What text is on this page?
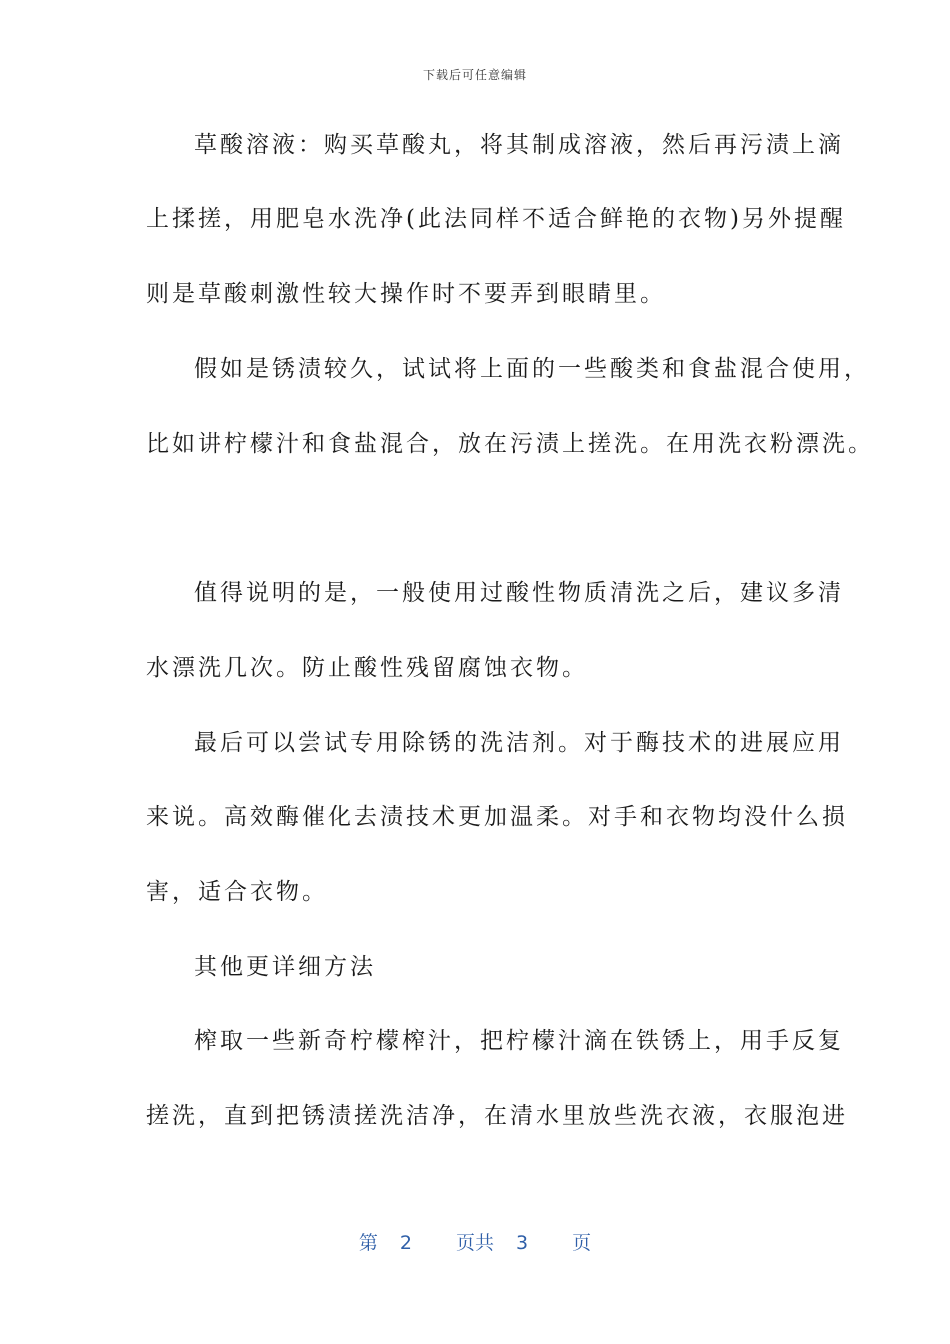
下载后可任意编辑
草酸溶液：购买草酸丸，将其制成溶液，然后再污渍上滴
上揉搓，用肥皂水洗净(此法同样不适合鲜艳的衣物)另外提醒
则是草酸刺激性较大操作时不要弄到眼睛里。
假如是锈渍较久，试试将上面的一些酸类和食盐混合使用，
比如讲柠檬汁和食盐混合，放在污渍上搓洗。在用洗衣粉漂洗。
值得说明的是，一般使用过酸性物质清洗之后，建议多清
水漂洗几次。防止酸性残留腐蚀衣物。
最后可以尝试专用除锈的洗洁剂。对于酶技术的进展应用
来说。高效酶催化去渍技术更加温柔。对手和衣物均没什么损
害，适合衣物。
其他更详细方法
榨取一些新奇柠檬榨汁，把柠檬汁滴在铁锈上，用手反复
搓洗，直到把锈渍搓洗洁净，在清水里放些洗衣液，衣服泡进
第 2 页共 3 页
